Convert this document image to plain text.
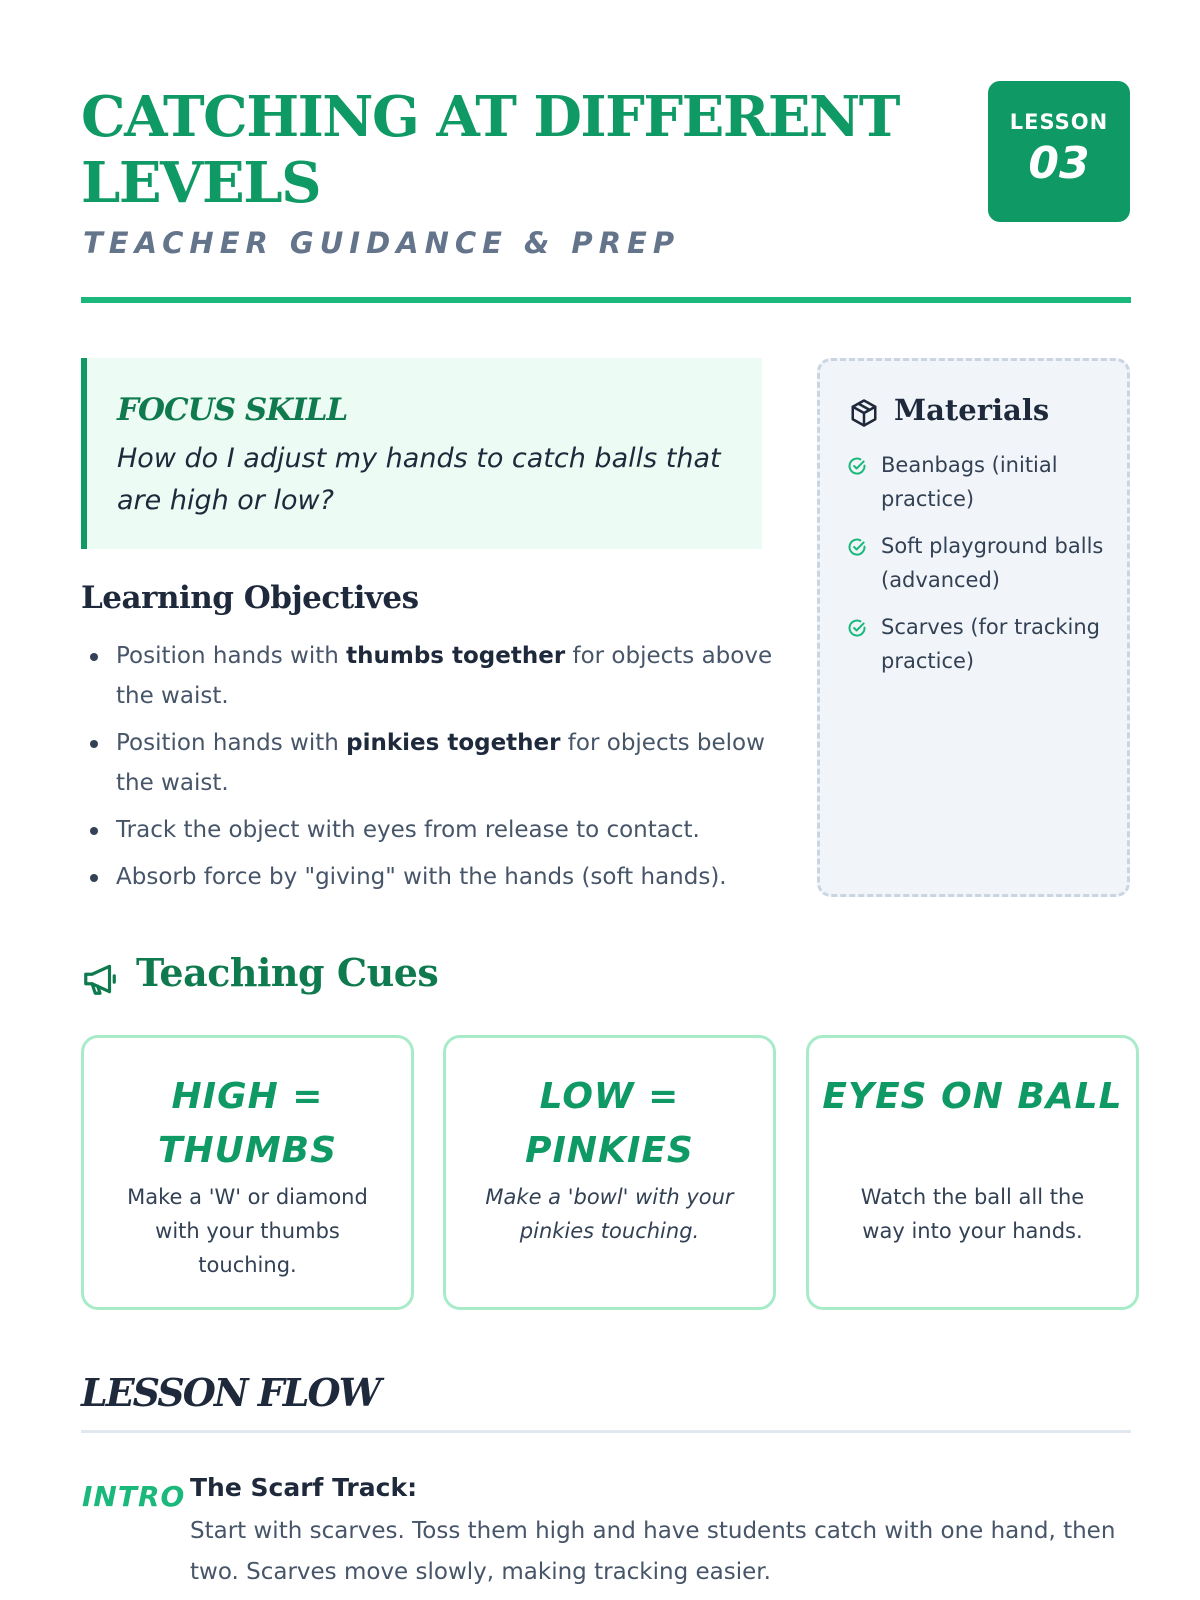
CATCHING AT DIFFERENT LEVELS
TEACHER GUIDANCE & PREP
LESSON
03
FOCUS SKILL
How do I adjust my hands to catch balls that are high or low?
Learning Objectives
Position hands with thumbs together for objects above the waist.
Position hands with pinkies together for objects below the waist.
Track the object with eyes from release to contact.
Absorb force by "giving" with the hands (soft hands).
Materials
Beanbags (initial practice)
Soft playground balls (advanced)
Scarves (for tracking practice)
Teaching Cues
HIGH = THUMBS
Make a 'W' or diamond with your thumbs touching.
LOW = PINKIES
Make a 'bowl' with your pinkies touching.
EYES ON BALL
Watch the ball all the way into your hands.
LESSON FLOW
INTRO The Scarf Track:
Start with scarves. Toss them high and have students catch with one hand, then two. Scarves move slowly, making tracking easier.
